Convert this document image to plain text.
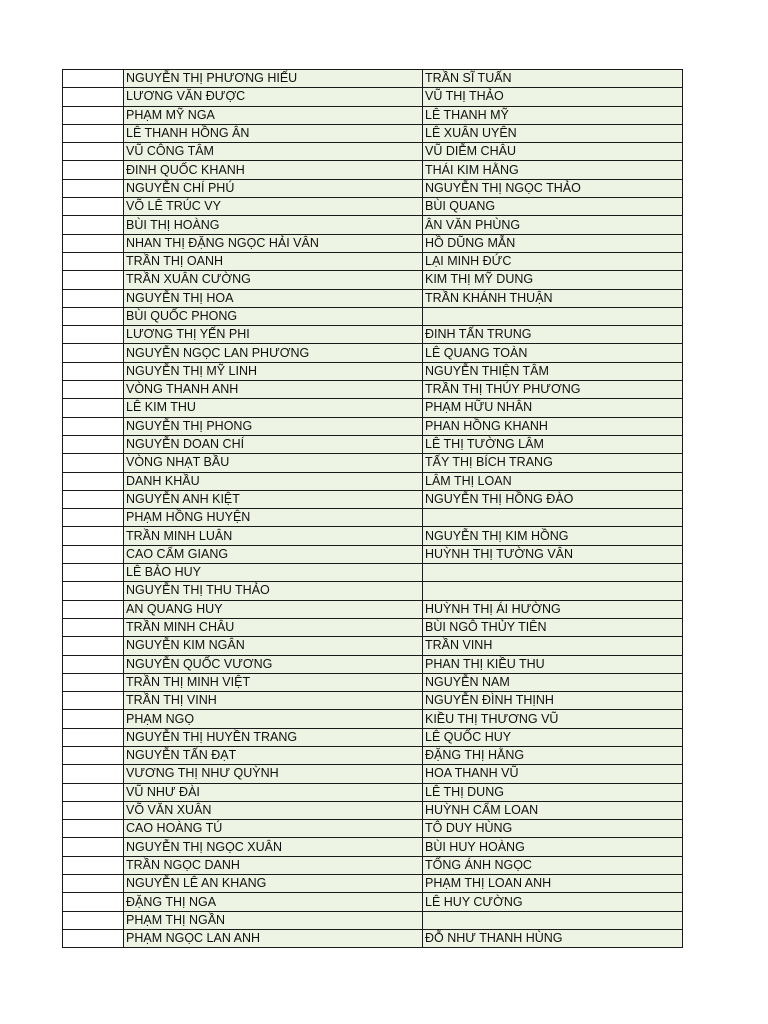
	NGUYỄN THỊ PHƯƠNG HIẾU	TRẦN SĨ TUẤN
	LƯƠNG VĂN ĐƯỢC	VŨ THỊ THẢO
	PHẠM MỸ NGA	LÊ THANH MỸ
	LÊ THANH HỒNG ÂN	LÊ XUÂN UYÊN
	VŨ CÔNG TÂM	VŨ DIỄM CHÂU
	ĐINH QUỐC KHANH	THÁI KIM HẰNG
	NGUYỄN CHÍ PHÚ	NGUYỄN THỊ NGỌC THẢO
	VÕ LÊ TRÚC VY	BÙI QUANG
	BÙI THỊ HOÀNG	ÂN VĂN PHÙNG
	NHAN THỊ ĐẶNG NGỌC HẢI VÂN	HỒ DŨNG MẪN
	TRẦN THỊ OANH	LẠI MINH ĐỨC
	TRẦN XUÂN CƯỜNG	KIM THỊ MỸ DUNG
	NGUYỄN THỊ HOA	TRẦN KHÁNH THUẬN
	BÙI QUỐC PHONG	
	LƯƠNG THỊ YẾN PHI	ĐINH TẤN TRUNG
	NGUYỄN NGỌC LAN PHƯƠNG	LÊ QUANG TOÀN
	NGUYỄN THỊ MỸ LINH	NGUYỄN THIỆN TÂM
	VÒNG THANH ANH	TRẦN THỊ THÚY PHƯƠNG
	LÊ KIM THU	PHẠM HỮU NHÂN
	NGUYỄN THỊ PHONG	PHAN HỒNG KHANH
	NGUYỄN DOAN CHÍ	LÊ THỊ TƯỜNG LÂM
	VÒNG NHẠT BẦU	TẤY THỊ BÍCH TRANG
	DANH KHẦU	LÂM THỊ LOAN
	NGUYỄN ANH KIỆT	NGUYỄN THỊ HỒNG ĐÀO
	PHẠM HỒNG HUYỆN	
	TRẦN MINH LUÂN	NGUYỄN THỊ KIM HỒNG
	CAO CẨM GIANG	HUỲNH THỊ TƯỜNG VÂN
	LÊ BẢO HUY	
	NGUYỄN THỊ THU THẢO	
	AN QUANG HUY	HUỲNH THỊ ÁI HƯỜNG
	TRẦN MINH CHÂU	BÙI NGÔ THỦY TIÊN
	NGUYỄN KIM NGÂN	TRẦN VINH
	NGUYỄN QUỐC VƯƠNG	PHAN THỊ KIỀU THU
	TRẦN THỊ MINH VIỆT	NGUYỄN NAM
	TRẦN THỊ VINH	NGUYỄN ĐÌNH THỊNH
	PHẠM NGỌ	KIỀU THỊ THƯƠNG VŨ
	NGUYỄN THỊ HUYỀN TRANG	LÊ QUỐC HUY
	NGUYỄN TẤN ĐẠT	ĐẶNG THỊ HẰNG
	VƯƠNG THỊ NHƯ QUỲNH	HOA THANH VŨ
	VŨ NHƯ ĐÀI	LÊ THỊ DUNG
	VÕ VĂN XUÂN	HUỲNH CẨM LOAN
	CAO HOÀNG TÚ	TÔ DUY HÙNG
	NGUYỄN THỊ NGỌC XUÂN	BÙI HUY HOÀNG
	TRẦN NGỌC DANH	TỐNG ÁNH NGỌC
	NGUYỄN LÊ AN KHANG	PHẠM THỊ LOAN ANH
	ĐẶNG THỊ NGA	LÊ HUY CƯỜNG
	PHẠM THỊ NGẦN	
	PHẠM NGỌC LAN ANH	ĐỖ NHƯ THANH HÙNG
